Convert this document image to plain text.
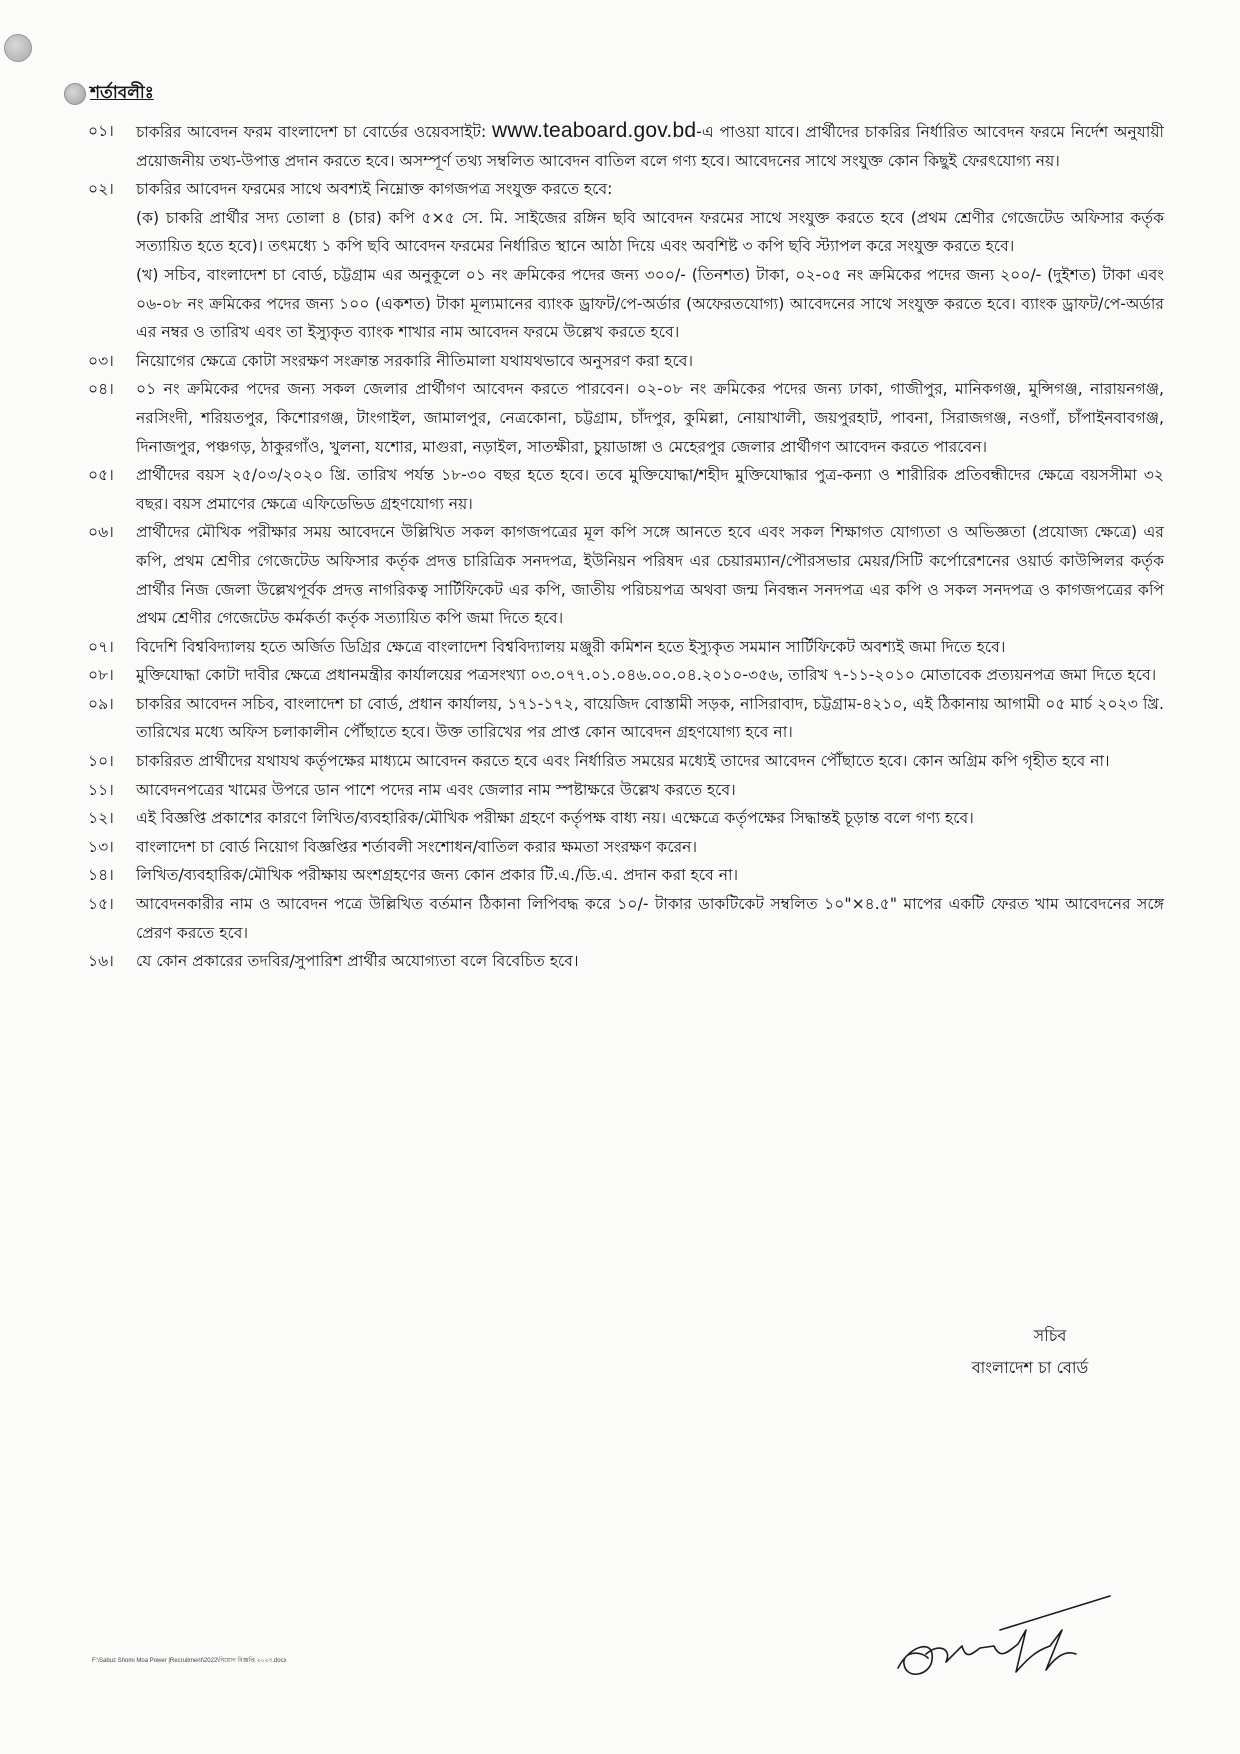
শর্তাবলীঃ
০১।	চাকরির আবেদন ফরম বাংলাদেশ চা বোর্ডের ওয়েবসাইট: www.teaboard.gov.bd-এ পাওয়া যাবে। প্রার্থীদের চাকরির নির্ধারিত আবেদন ফরমে নির্দেশ অনুযায়ী প্রয়োজনীয় তথ্য-উপাত্ত প্রদান করতে হবে। অসম্পূর্ণ তথ্য সম্বলিত আবেদন বাতিল বলে গণ্য হবে। আবেদনের সাথে সংযুক্ত কোন কিছুই ফেরৎযোগ্য নয়।
০২।	চাকরির আবেদন ফরমের সাথে অবশ্যই নিম্নোক্ত কাগজপত্র সংযুক্ত করতে হবে:
(ক) চাকরি প্রার্থীর সদ্য তোলা ৪ (চার) কপি ৫×৫ সে. মি. সাইজের রঙ্গিন ছবি আবেদন ফরমের সাথে সংযুক্ত করতে হবে (প্রথম শ্রেণীর গেজেটেড অফিসার কর্তৃক সত্যায়িত হতে হবে)। তৎমধ্যে ১ কপি ছবি আবেদন ফরমের নির্ধারিত স্থানে আঠা দিয়ে এবং অবশিষ্ট ৩ কপি ছবি স্ট্যাপল করে সংযুক্ত করতে হবে।
(খ) সচিব, বাংলাদেশ চা বোর্ড, চট্টগ্রাম এর অনুকূলে ০১ নং ক্রমিকের পদের জন্য ৩০০/- (তিনশত) টাকা, ০২-০৫ নং ক্রমিকের পদের জন্য ২০০/- (দুইশত) টাকা এবং ০৬-০৮ নং ক্রমিকের পদের জন্য ১০০ (একশত) টাকা মূল্যমানের ব্যাংক ড্রাফট/পে-অর্ডার (অফেরতযোগ্য) আবেদনের সাথে সংযুক্ত করতে হবে। ব্যাংক ড্রাফট/পে-অর্ডার এর নম্বর ও তারিখ এবং তা ইস্যুকৃত ব্যাংক শাখার নাম আবেদন ফরমে উল্লেখ করতে হবে।
০৩।	নিয়োগের ক্ষেত্রে কোটা সংরক্ষণ সংক্রান্ত সরকারি নীতিমালা যথাযথভাবে অনুসরণ করা হবে।
০৪।	০১ নং ক্রমিকের পদের জন্য সকল জেলার প্রার্থীগণ আবেদন করতে পারবেন। ০২-০৮ নং ক্রমিকের পদের জন্য ঢাকা, গাজীপুর, মানিকগঞ্জ, মুন্সিগঞ্জ, নারায়নগঞ্জ, নরসিংদী, শরিয়তপুর, কিশোরগঞ্জ, টাংগাইল, জামালপুর, নেত্রকোনা, চট্টগ্রাম, চাঁদপুর, কুমিল্লা, নোয়াখালী, জয়পুরহাট, পাবনা, সিরাজগঞ্জ, নওগাঁ, চাঁপাইনবাবগঞ্জ, দিনাজপুর, পঞ্চগড়, ঠাকুরগাঁও, খুলনা, যশোর, মাগুরা, নড়াইল, সাতক্ষীরা, চুয়াডাঙ্গা ও মেহেরপুর জেলার প্রার্থীগণ আবেদন করতে পারবেন।
০৫।	প্রার্থীদের বয়স ২৫/০৩/২০২০ খ্রি. তারিখ পর্যন্ত ১৮-৩০ বছর হতে হবে। তবে মুক্তিযোদ্ধা/শহীদ মুক্তিযোদ্ধার পুত্র-কন্যা ও শারীরিক প্রতিবন্ধীদের ক্ষেত্রে বয়সসীমা ৩২ বছর। বয়স প্রমাণের ক্ষেত্রে এফিডেভিড গ্রহণযোগ্য নয়।
০৬।	প্রার্থীদের মৌখিক পরীক্ষার সময় আবেদনে উল্লিখিত সকল কাগজপত্রের মূল কপি সঙ্গে আনতে হবে এবং সকল শিক্ষাগত যোগ্যতা ও অভিজ্ঞতা (প্রযোজ্য ক্ষেত্রে) এর কপি, প্রথম শ্রেণীর গেজেটেড অফিসার কর্তৃক প্রদত্ত চারিত্রিক সনদপত্র, ইউনিয়ন পরিষদ এর চেয়ারম্যান/পৌরসভার মেয়র/সিটি কর্পোরেশনের ওয়ার্ড কাউন্সিলর কর্তৃক প্রার্থীর নিজ জেলা উল্লেখপূর্বক প্রদত্ত নাগরিকত্ব সার্টিফিকেট এর কপি, জাতীয় পরিচয়পত্র অথবা জন্ম নিবন্ধন সনদপত্র এর কপি ও সকল সনদপত্র ও কাগজপত্রের কপি প্রথম শ্রেণীর গেজেটেড কর্মকর্তা কর্তৃক সত্যায়িত কপি জমা দিতে হবে।
০৭।	বিদেশি বিশ্ববিদ্যালয় হতে অর্জিত ডিগ্রির ক্ষেত্রে বাংলাদেশ বিশ্ববিদ্যালয় মঞ্জুরী কমিশন হতে ইস্যুকৃত সমমান সার্টিফিকেট অবশ্যই জমা দিতে হবে।
০৮।	মুক্তিযোদ্ধা কোটা দাবীর ক্ষেত্রে প্রধানমন্ত্রীর কার্যালয়ের পত্রসংখ্যা ০৩.০৭৭.০১.০৪৬.০০.০৪.২০১০-৩৫৬, তারিখ ৭-১১-২০১০ মোতাবেক প্রত্যয়নপত্র জমা দিতে হবে।
০৯।	চাকরির আবেদন সচিব, বাংলাদেশ চা বোর্ড, প্রধান কার্যালয়, ১৭১-১৭২, বায়েজিদ বোস্তামী সড়ক, নাসিরাবাদ, চট্টগ্রাম-৪২১০, এই ঠিকানায় আগামী ০৫ মার্চ ২০২৩ খ্রি. তারিখের মধ্যে অফিস চলাকালীন পৌঁছাতে হবে। উক্ত তারিখের পর প্রাপ্ত কোন আবেদন গ্রহণযোগ্য হবে না।
১০।	চাকরিরত প্রার্থীদের যথাযথ কর্তৃপক্ষের মাধ্যমে আবেদন করতে হবে এবং নির্ধারিত সময়ের মধ্যেই তাদের আবেদন পৌঁছাতে হবে। কোন অগ্রিম কপি গৃহীত হবে না।
১১।	আবেদনপত্রের খামের উপরে ডান পাশে পদের নাম এবং জেলার নাম স্পষ্টাক্ষরে উল্লেখ করতে হবে।
১২।	এই বিজ্ঞপ্তি প্রকাশের কারণে লিখিত/ব্যবহারিক/মৌখিক পরীক্ষা গ্রহণে কর্তৃপক্ষ বাধ্য নয়। এক্ষেত্রে কর্তৃপক্ষের সিদ্ধান্তই চূড়ান্ত বলে গণ্য হবে।
১৩।	বাংলাদেশ চা বোর্ড নিয়োগ বিজ্ঞপ্তির শর্তাবলী সংশোধন/বাতিল করার ক্ষমতা সংরক্ষণ করেন।
১৪।	লিখিত/ব্যবহারিক/মৌখিক পরীক্ষায় অংশগ্রহণের জন্য কোন প্রকার টি.এ./ডি.এ. প্রদান করা হবে না।
১৫।	আবেদনকারীর নাম ও আবেদন পত্রে উল্লিখিত বর্তমান ঠিকানা লিপিবদ্ধ করে ১০/- টাকার ডাকটিকেট সম্বলিত ১০"×৪.৫" মাপের একটি ফেরত খাম আবেদনের সঙ্গে প্রেরণ করতে হবে।
১৬।	যে কোন প্রকারের তদবির/সুপারিশ প্রার্থীর অযোগ্যতা বলে বিবেচিত হবে।
সচিব
বাংলাদেশ চা বোর্ড
F:\Sabuz Shomi Moa Power |Recruitment\2022\নিয়োগ বিজ্ঞপ্তি ২০২৩.docx
